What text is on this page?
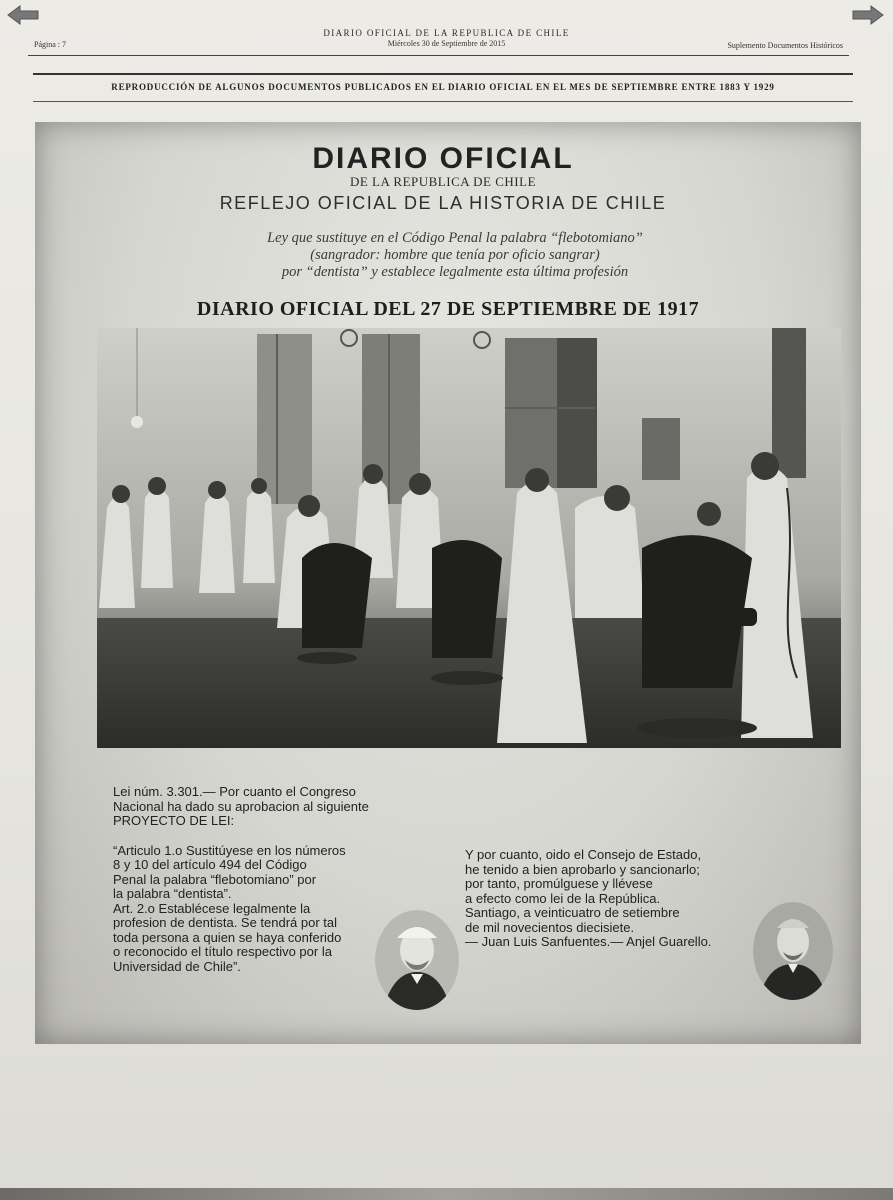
DIARIO OFICIAL DE LA REPUBLICA DE CHILE
Miércoles 30 de Septiembre de 2015
Página : 7	Suplemento Documentos Históricos
REPRODUCCIÓN DE ALGUNOS DOCUMENTOS PUBLICADOS EN EL DIARIO OFICIAL EN EL MES DE SEPTIEMBRE ENTRE 1883 Y 1929
DIARIO OFICIAL
DE LA REPUBLICA DE CHILE
REFLEJO OFICIAL DE LA HISTORIA DE CHILE
Ley que sustituye en el Código Penal la palabra “flebotomiano”
(sangrador: hombre que tenía por oficio sangrar)
por “dentista” y establece legalmente esta última profesión
DIARIO OFICIAL DEL 27 DE SEPTIEMBRE DE 1917

Lei núm. 3.301.— Por cuanto el Congreso
Nacional ha dado su aprobacion al siguiente
PROYECTO DE LEI:

“Articulo 1.o Sustitúyese en los números
8 y 10 del artículo 494 del Código
Penal la palabra “flebotomiano” por
la palabra “dentista”.
Art. 2.o Establécese legalmente la
profesion de dentista. Se tendrá por tal
toda persona a quien se haya conferido
o reconocido el título respectivo por la
Universidad de Chile”.

Y por cuanto, oido el Consejo de Estado,
he tenido a bien aprobarlo y sancionarlo;
por tanto, promúlguese y llévese
a efecto como lei de la República.
Santiago, a veinticuatro de setiembre
de mil novecientos diecisiete.
— Juan Luis Sanfuentes.— Anjel Guarello.
